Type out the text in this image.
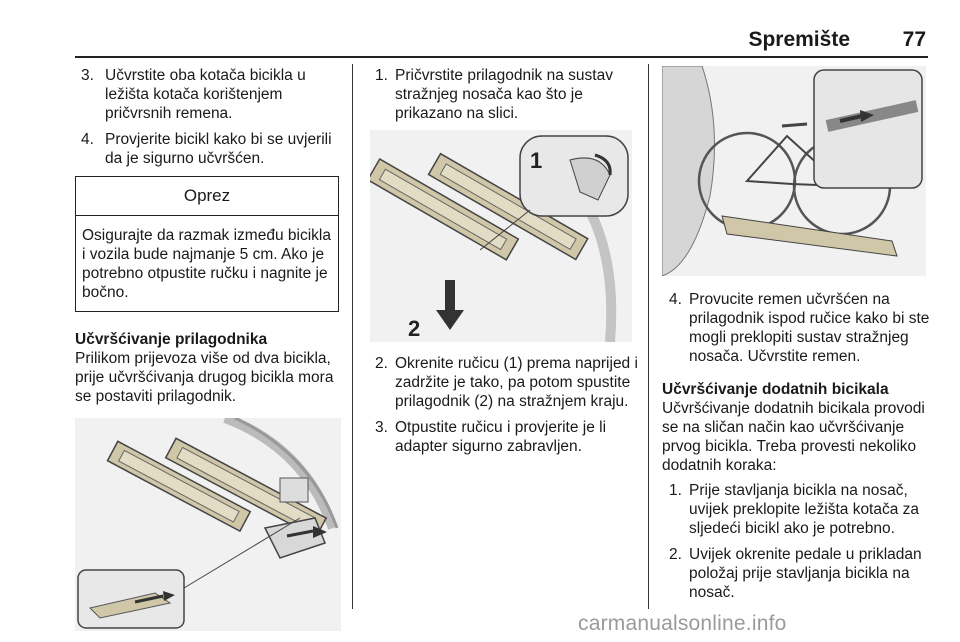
Spremište	77
3. Učvrstite oba kotača bicikla u ležišta kotača korištenjem pričvrsnih remena.
4. Provjerite bicikl kako bi se uvjerili da je sigurno učvršćen.
Oprez
Osigurajte da razmak između bicikla i vozila bude najmanje 5 cm. Ako je potrebno otpustite ručku i nagnite je bočno.
Učvršćivanje prilagodnika

Prilikom prijevoza više od dva bicikla, prije učvršćivanja drugog bicikla mora se postaviti prilagodnik.

1. Pričvrstite prilagodnik na sustav stražnjeg nosača kao što je prikazano na slici.
2
1
2. Okrenite ručicu (1) prema naprijed i zadržite je tako, pa potom spustite prilagodnik (2) na stražnjem kraju.
3. Otpustite ručicu i provjerite je li adapter sigurno zabravljen.
4. Provucite remen učvršćen na prilagodnik ispod ručice kako bi ste mogli preklopiti sustav stražnjeg nosača. Učvrstite remen.
Učvršćivanje dodatnih bicikala

Učvršćivanje dodatnih bicikala provodi se na sličan način kao učvršćivanje prvog bicikla. Treba provesti nekoliko dodatnih koraka:

1. Prije stavljanja bicikla na nosač, uvijek preklopite ležišta kotača za sljedeći bicikl ako je potrebno.
2. Uvijek okrenite pedale u prikladan položaj prije stavljanja bicikla na nosač.
carmanualsonline.info
